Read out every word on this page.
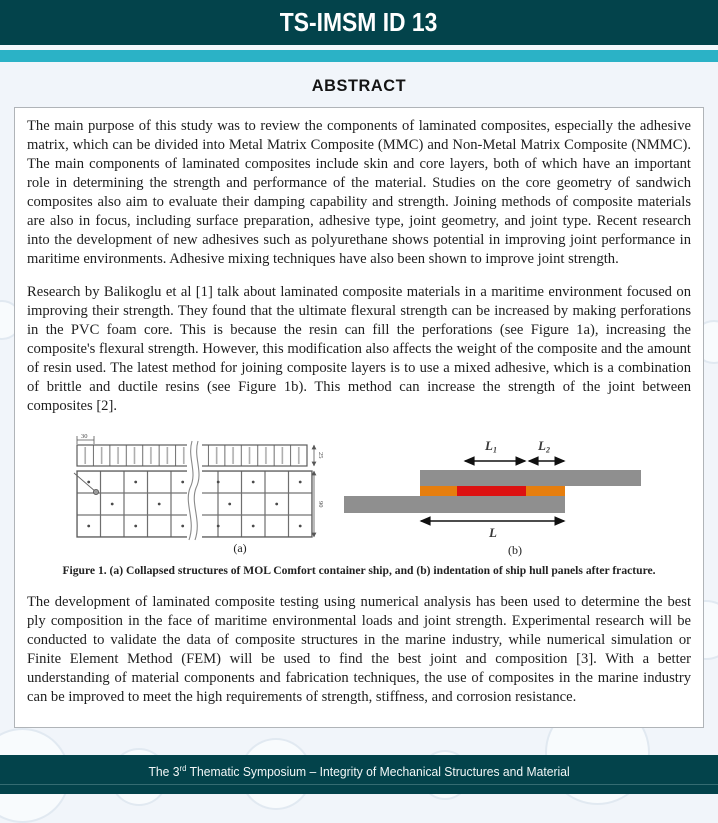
TS-IMSM ID 13
ABSTRACT

The main purpose of this study was to review the components of laminated composites, especially the adhesive matrix, which can be divided into Metal Matrix Composite (MMC) and Non-Metal Matrix Composite (NMMC). The main components of laminated composites include skin and core layers, both of which have an important role in determining the strength and performance of the material. Studies on the core geometry of sandwich composites also aim to evaluate their damping capability and strength. Joining methods of composite materials are also in focus, including surface preparation, adhesive type, joint geometry, and joint type. Recent research into the development of new adhesives such as polyurethane shows potential in improving joint performance in maritime environments. Adhesive mixing techniques have also been shown to improve joint strength.

Research by Balikoglu et al [1] talk about laminated composite materials in a maritime environment focused on improving their strength. They found that the ultimate flexural strength can be increased by making perforations in the PVC foam core. This is because the resin can fill the perforations (see Figure 1a), increasing the composite's flexural strength. However, this modification also affects the weight of the composite and the amount of resin used. The latest method for joining composite layers is to use a mixed adhesive, which is a combination of brittle and ductile resins (see Figure 1b). This method can increase the strength of the joint between composites [2].

30
25
90
(a)
L1	L2
L
(b)
Figure 1. (a) Collapsed structures of MOL Comfort container ship, and (b) indentation of ship hull panels after fracture.

The development of laminated composite testing using numerical analysis has been used to determine the best ply composition in the face of maritime environmental loads and joint strength. Experimental research will be conducted to validate the data of composite structures in the marine industry, while numerical simulation or Finite Element Method (FEM) will be used to find the best joint and composition [3]. With a better understanding of material components and fabrication techniques, the use of composites in the marine industry can be improved to meet the high requirements of strength, stiffness, and corrosion resistance.

The 3rd Thematic Symposium – Integrity of Mechanical Structures and Material
